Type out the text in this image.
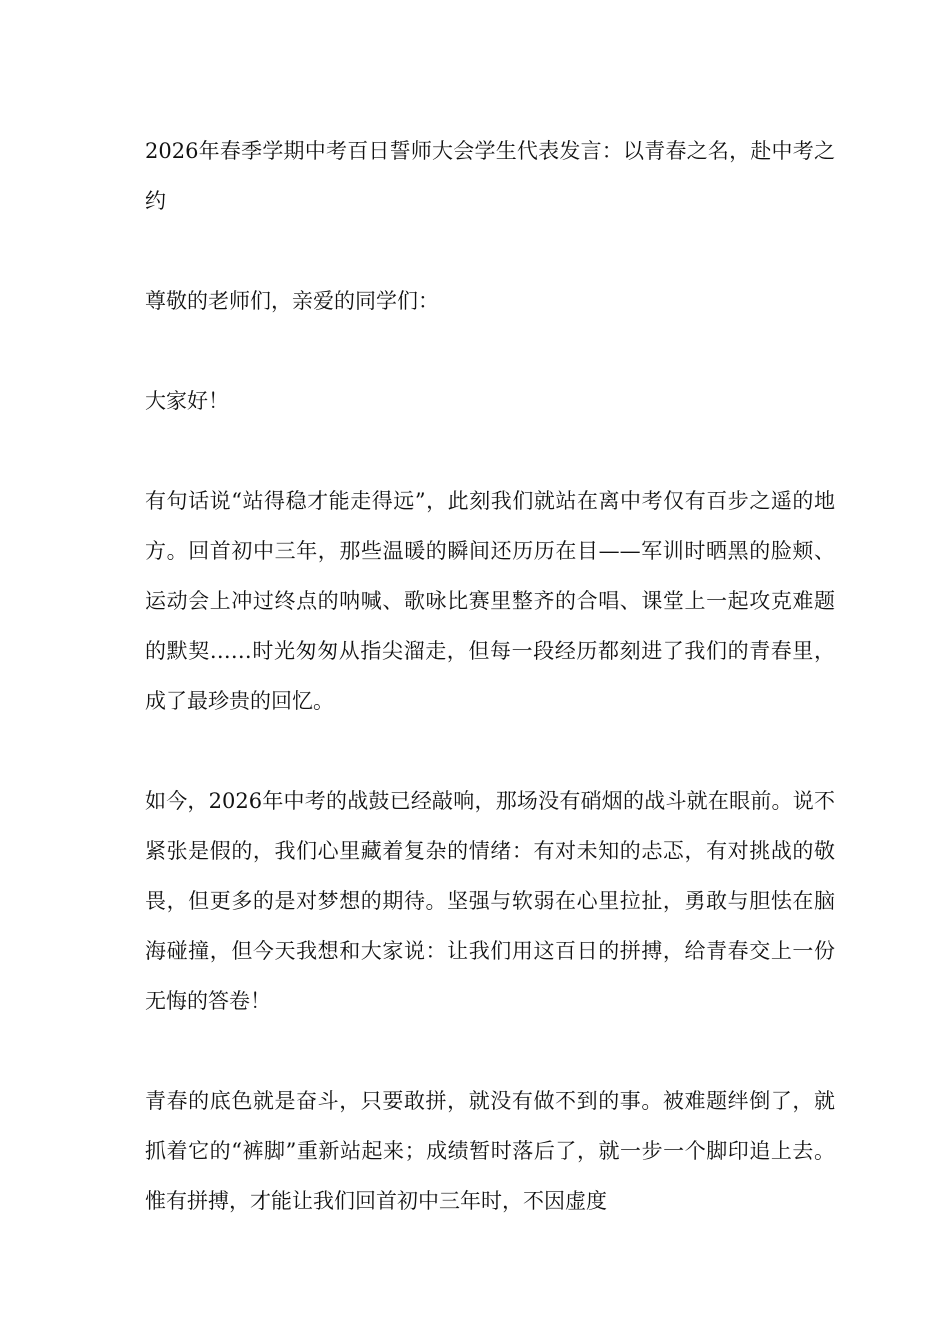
2026年春季学期中考百日誓师大会学生代表发言：以青春之名，赴中考之约

尊敬的老师们，亲爱的同学们：

大家好！

有句话说“站得稳才能走得远”，此刻我们就站在离中考仅有百步之遥的地方。回首初中三年，那些温暖的瞬间还历历在目——军训时晒黑的脸颊、运动会上冲过终点的呐喊、歌咏比赛里整齐的合唱、课堂上一起攻克难题的默契……时光匆匆从指尖溜走，但每一段经历都刻进了我们的青春里，成了最珍贵的回忆。

如今，2026年中考的战鼓已经敲响，那场没有硝烟的战斗就在眼前。说不紧张是假的，我们心里藏着复杂的情绪：有对未知的忐忑，有对挑战的敬畏，但更多的是对梦想的期待。坚强与软弱在心里拉扯，勇敢与胆怯在脑海碰撞，但今天我想和大家说：让我们用这百日的拼搏，给青春交上一份无悔的答卷！

青春的底色就是奋斗，只要敢拼，就没有做不到的事。被难题绊倒了，就抓着它的“裤脚”重新站起来；成绩暂时落后了，就一步一个脚印追上去。惟有拼搏，才能让我们回首初中三年时，不因虚度
